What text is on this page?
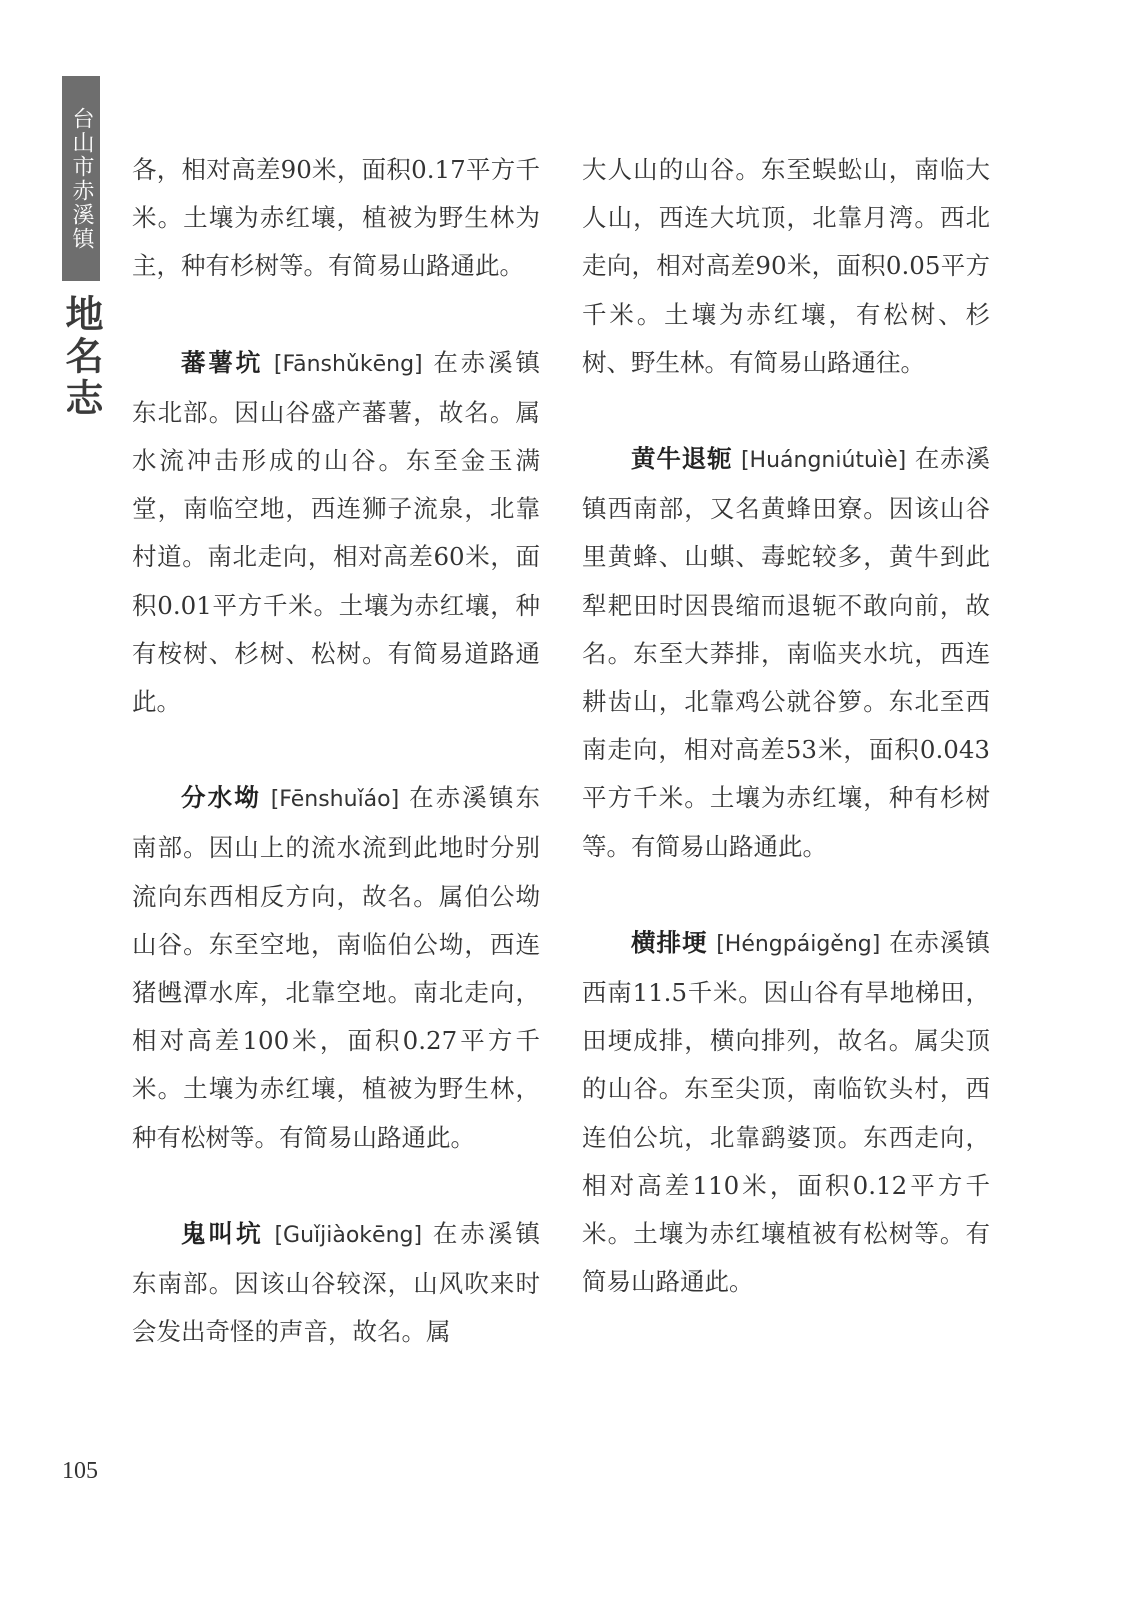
台山市赤溪镇
地名志

各，相对高差90米，面积0.17平方千米。土壤为赤红壤，植被为野生林为主，种有杉树等。有简易山路通此。

蕃薯坑 [Fānshǔkēng] 在赤溪镇东北部。因山谷盛产蕃薯，故名。属水流冲击形成的山谷。东至金玉满堂，南临空地，西连狮子流泉，北靠村道。南北走向，相对高差60米，面积0.01平方千米。土壤为赤红壤，种有桉树、杉树、松树。有简易道路通此。

分水坳 [Fēnshuǐáo] 在赤溪镇东南部。因山上的流水流到此地时分别流向东西相反方向，故名。属伯公坳山谷。东至空地，南临伯公坳，西连猪乸潭水库，北靠空地。南北走向，相对高差100米，面积0.27平方千米。土壤为赤红壤，植被为野生林，种有松树等。有简易山路通此。

鬼叫坑 [Guǐjiàokēng] 在赤溪镇东南部。因该山谷较深，山风吹来时会发出奇怪的声音，故名。属

大人山的山谷。东至蜈蚣山，南临大人山，西连大坑顶，北靠月湾。西北走向，相对高差90米，面积0.05平方千米。土壤为赤红壤，有松树、杉树、野生林。有简易山路通往。

黄牛退轭 [Huángniútuìè] 在赤溪镇西南部，又名黄蜂田寮。因该山谷里黄蜂、山蜞、毒蛇较多，黄牛到此犁耙田时因畏缩而退轭不敢向前，故名。东至大莽排，南临夹水坑，西连耕齿山，北靠鸡公就谷箩。东北至西南走向，相对高差53米，面积0.043平方千米。土壤为赤红壤，种有杉树等。有简易山路通此。

横排埂 [Héngpáigěng] 在赤溪镇西南11.5千米。因山谷有旱地梯田，田埂成排，横向排列，故名。属尖顶的山谷。东至尖顶，南临钦头村，西连伯公坑，北靠鹞婆顶。东西走向，相对高差110米，面积0.12平方千米。土壤为赤红壤植被有松树等。有简易山路通此。

105
